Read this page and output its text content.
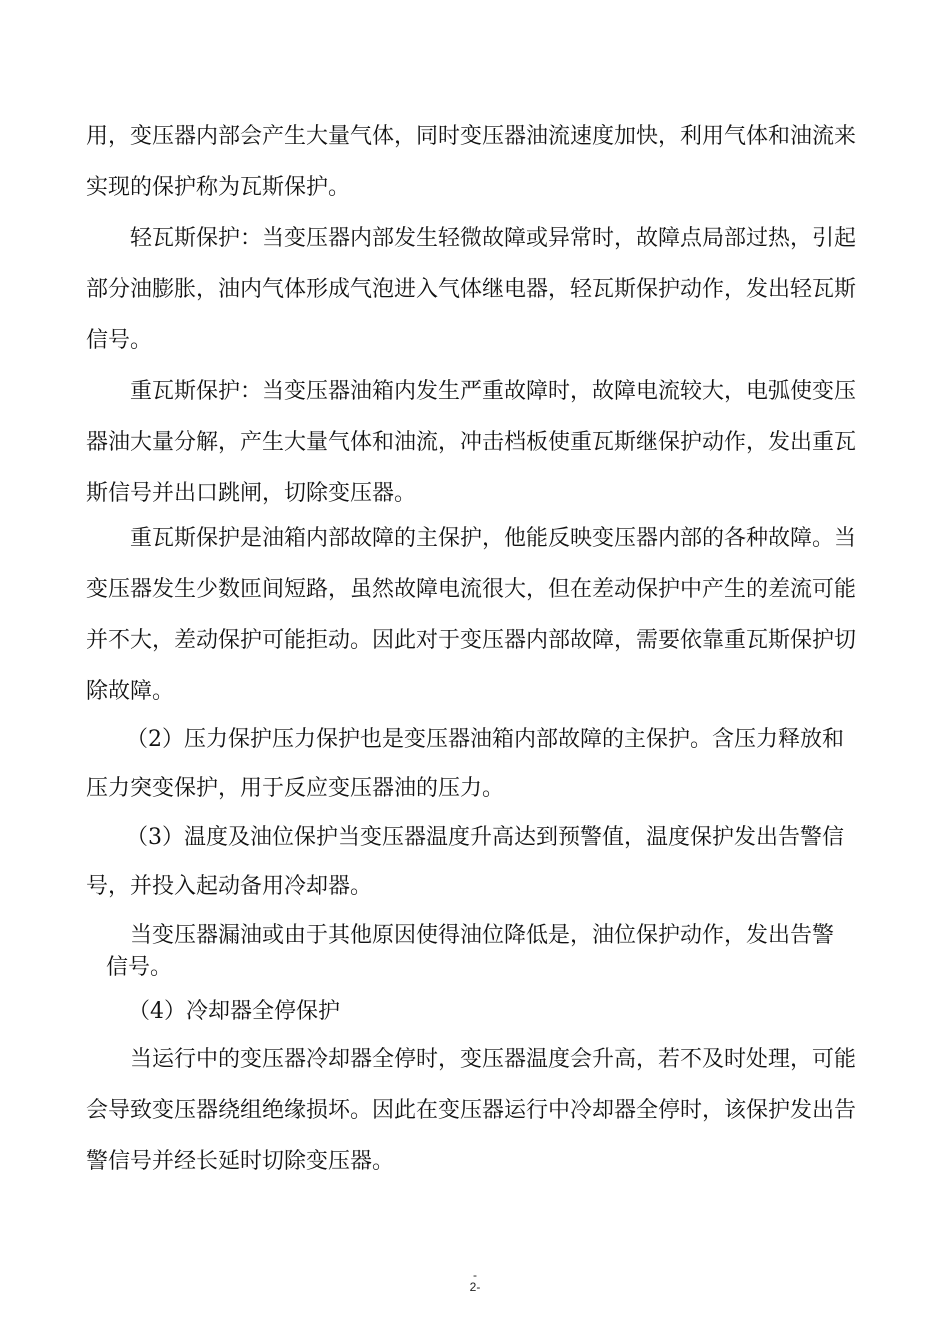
用，变压器内部会产生大量气体，同时变压器油流速度加快，利用气体和油流来
实现的保护称为瓦斯保护。
轻瓦斯保护：当变压器内部发生轻微故障或异常时，故障点局部过热，引起
部分油膨胀，油内气体形成气泡进入气体继电器，轻瓦斯保护动作，发出轻瓦斯
信号。
重瓦斯保护：当变压器油箱内发生严重故障时，故障电流较大，电弧使变压
器油大量分解，产生大量气体和油流，冲击档板使重瓦斯继保护动作，发出重瓦
斯信号并出口跳闸，切除变压器。
重瓦斯保护是油箱内部故障的主保护，他能反映变压器内部的各种故障。当
变压器发生少数匝间短路，虽然故障电流很大，但在差动保护中产生的差流可能
并不大，差动保护可能拒动。因此对于变压器内部故障，需要依靠重瓦斯保护切
除故障。
（2）压力保护压力保护也是变压器油箱内部故障的主保护。含压力释放和
压力突变保护，用于反应变压器油的压力。
（3）温度及油位保护当变压器温度升高达到预警值，温度保护发出告警信
号，并投入起动备用冷却器。
当变压器漏油或由于其他原因使得油位降低是，油位保护动作，发出告警
信号。
（4）冷却器全停保护
当运行中的变压器冷却器全停时，变压器温度会升高，若不及时处理，可能
会导致变压器绕组绝缘损坏。因此在变压器运行中冷却器全停时，该保护发出告
警信号并经长延时切除变压器。
-
2-
